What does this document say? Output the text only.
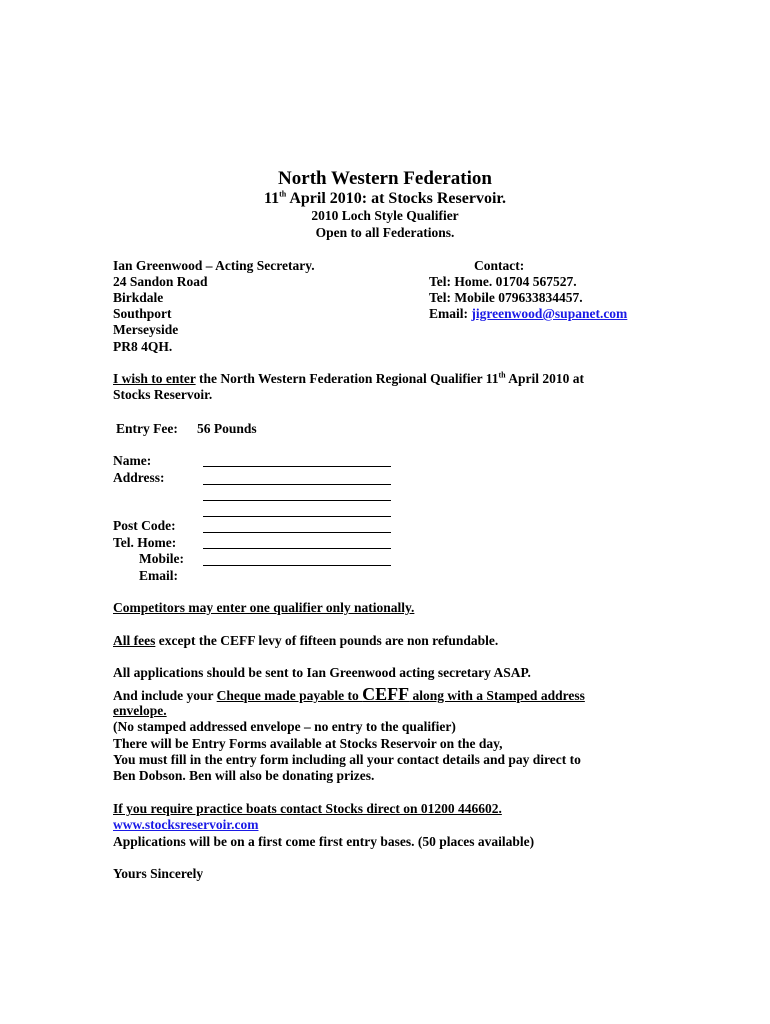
North Western Federation
11th April 2010: at Stocks Reservoir.
2010 Loch Style Qualifier
Open to all Federations.
Ian Greenwood – Acting Secretary.
24 Sandon Road
Birkdale
Southport
Merseyside
PR8 4QH.
Contact:
Tel: Home. 01704 567527.
Tel: Mobile 079633834457.
Email: jigreenwood@supanet.com
I wish to enter the North Western Federation Regional Qualifier 11th April 2010 at
Stocks Reservoir.
Entry Fee: 56 Pounds
Name:
Address:
Post Code:
Tel. Home:
Mobile:
Email:
Competitors may enter one qualifier only nationally.
All fees except the CEFF levy of fifteen pounds are non refundable.
All applications should be sent to Ian Greenwood acting secretary ASAP.
And include your Cheque made payable to CEFF along with a Stamped address
envelope.
(No stamped addressed envelope – no entry to the qualifier)
There will be Entry Forms available at Stocks Reservoir on the day,
You must fill in the entry form including all your contact details and pay direct to
Ben Dobson. Ben will also be donating prizes.
If you require practice boats contact Stocks direct on 01200 446602.
www.stocksreservoir.com
Applications will be on a first come first entry bases. (50 places available)
Yours Sincerely
